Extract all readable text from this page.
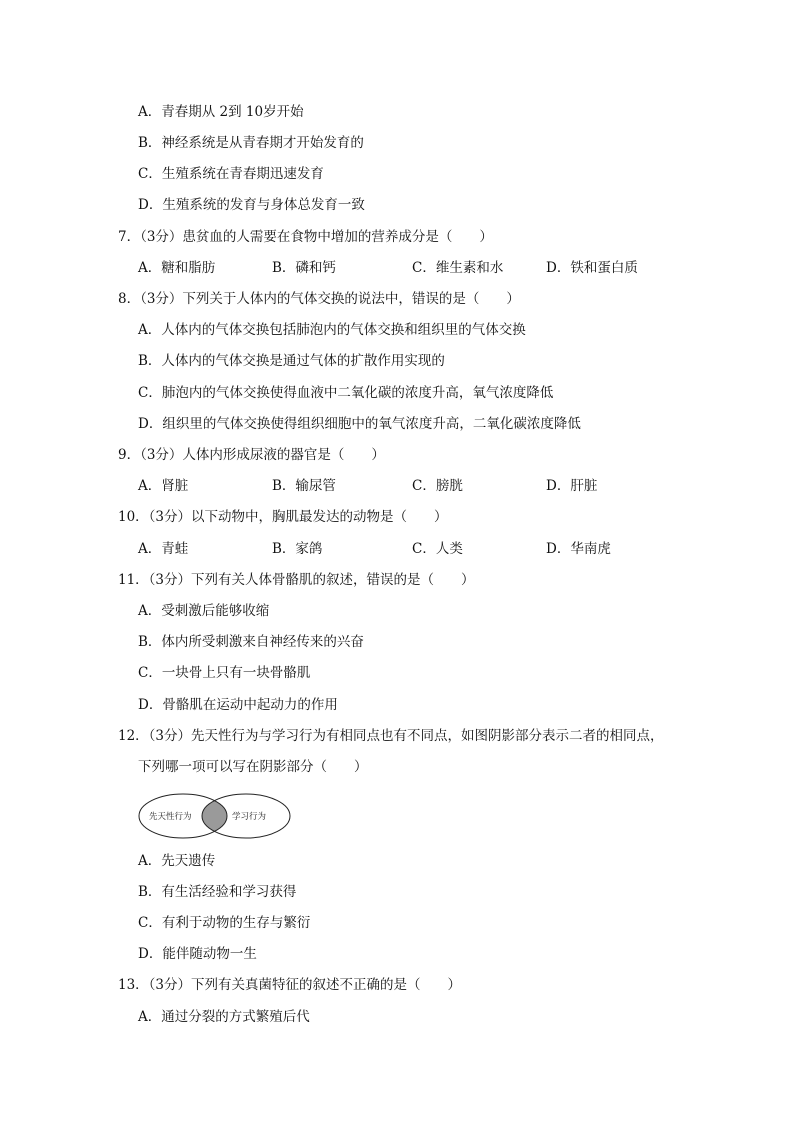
A．青春期从 2到 10岁开始
B．神经系统是从青春期才开始发育的
C．生殖系统在青春期迅速发育
D．生殖系统的发育与身体总发育一致
7．（3分）患贫血的人需要在食物中增加的营养成分是（　　）
A．糖和脂肪	B．磷和钙	C．维生素和水	D．铁和蛋白质
8．（3分）下列关于人体内的气体交换的说法中，错误的是（　　）
A．人体内的气体交换包括肺泡内的气体交换和组织里的气体交换
B．人体内的气体交换是通过气体的扩散作用实现的
C．肺泡内的气体交换使得血液中二氧化碳的浓度升高，氧气浓度降低
D．组织里的气体交换使得组织细胞中的氧气浓度升高，二氧化碳浓度降低
9．（3分）人体内形成尿液的器官是（　　）
A．肾脏	B．输尿管	C．膀胱	D．肝脏
10．（3分）以下动物中，胸肌最发达的动物是（　　）
A．青蛙	B．家鸽	C．人类	D．华南虎
11．（3分）下列有关人体骨骼肌的叙述，错误的是（　　）
A．受刺激后能够收缩
B．体内所受刺激来自神经传来的兴奋
C．一块骨上只有一块骨骼肌
D．骨骼肌在运动中起动力的作用
12．（3分）先天性行为与学习行为有相同点也有不同点，如图阴影部分表示二者的相同点，
下列哪一项可以写在阴影部分（　　）
先天性行为	学习行为
A．先天遗传
B．有生活经验和学习获得
C．有利于动物的生存与繁衍
D．能伴随动物一生
13．（3分）下列有关真菌特征的叙述不正确的是（　　）
A．通过分裂的方式繁殖后代
